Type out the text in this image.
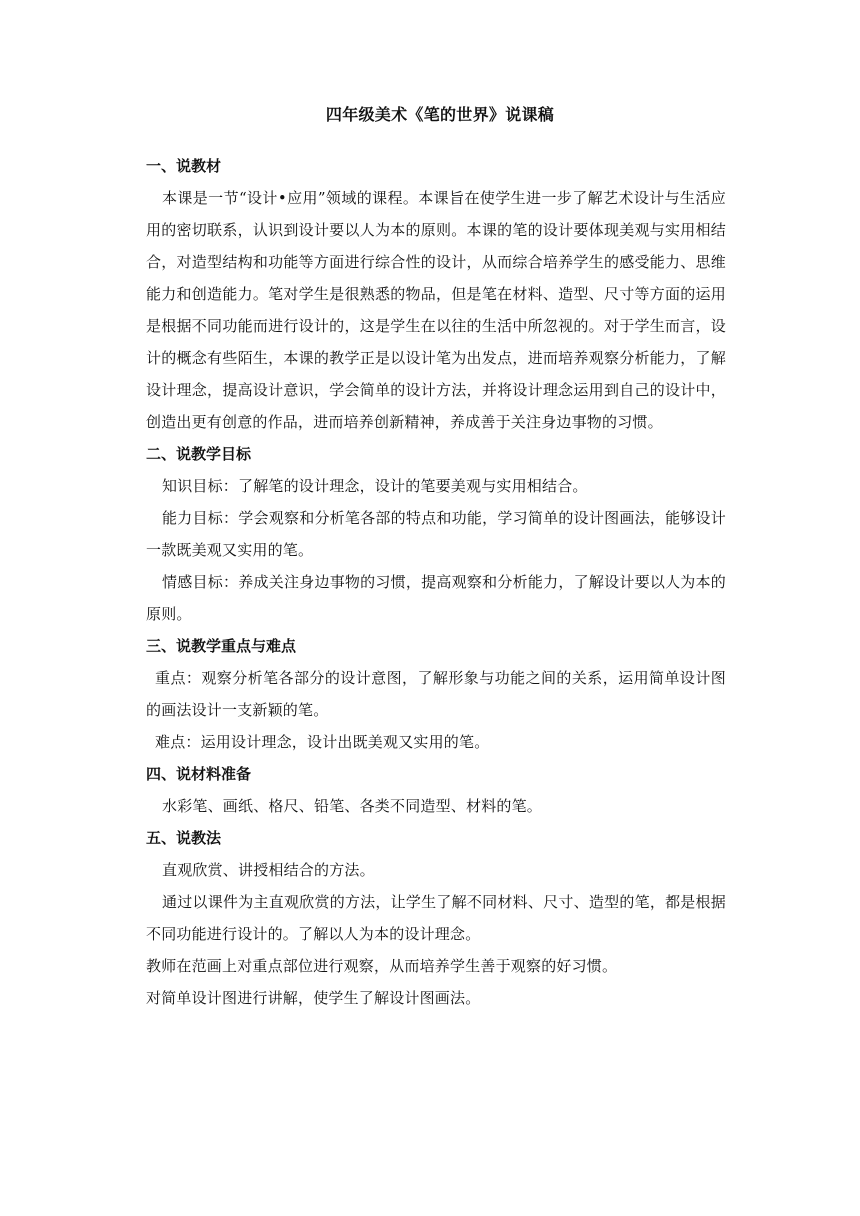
四年级美术《笔的世界》说课稿
一、说教材
本课是一节“设计•应用”领域的课程。本课旨在使学生进一步了解艺术设计与生活应用的密切联系，认识到设计要以人为本的原则。本课的笔的设计要体现美观与实用相结合，对造型结构和功能等方面进行综合性的设计，从而综合培养学生的感受能力、思维能力和创造能力。笔对学生是很熟悉的物品，但是笔在材料、造型、尺寸等方面的运用是根据不同功能而进行设计的，这是学生在以往的生活中所忽视的。对于学生而言，设计的概念有些陌生，本课的教学正是以设计笔为出发点，进而培养观察分析能力，了解设计理念，提高设计意识，学会简单的设计方法，并将设计理念运用到自己的设计中，创造出更有创意的作品，进而培养创新精神，养成善于关注身边事物的习惯。
二、说教学目标
知识目标：了解笔的设计理念，设计的笔要美观与实用相结合。
能力目标：学会观察和分析笔各部的特点和功能，学习简单的设计图画法，能够设计一款既美观又实用的笔。
情感目标：养成关注身边事物的习惯，提高观察和分析能力，了解设计要以人为本的原则。
三、说教学重点与难点
重点：观察分析笔各部分的设计意图，了解形象与功能之间的关系，运用简单设计图的画法设计一支新颖的笔。
难点：运用设计理念，设计出既美观又实用的笔。
四、说材料准备
水彩笔、画纸、格尺、铅笔、各类不同造型、材料的笔。
五、说教法
直观欣赏、讲授相结合的方法。
通过以课件为主直观欣赏的方法，让学生了解不同材料、尺寸、造型的笔，都是根据不同功能进行设计的。了解以人为本的设计理念。
教师在范画上对重点部位进行观察，从而培养学生善于观察的好习惯。
对简单设计图进行讲解，使学生了解设计图画法。
